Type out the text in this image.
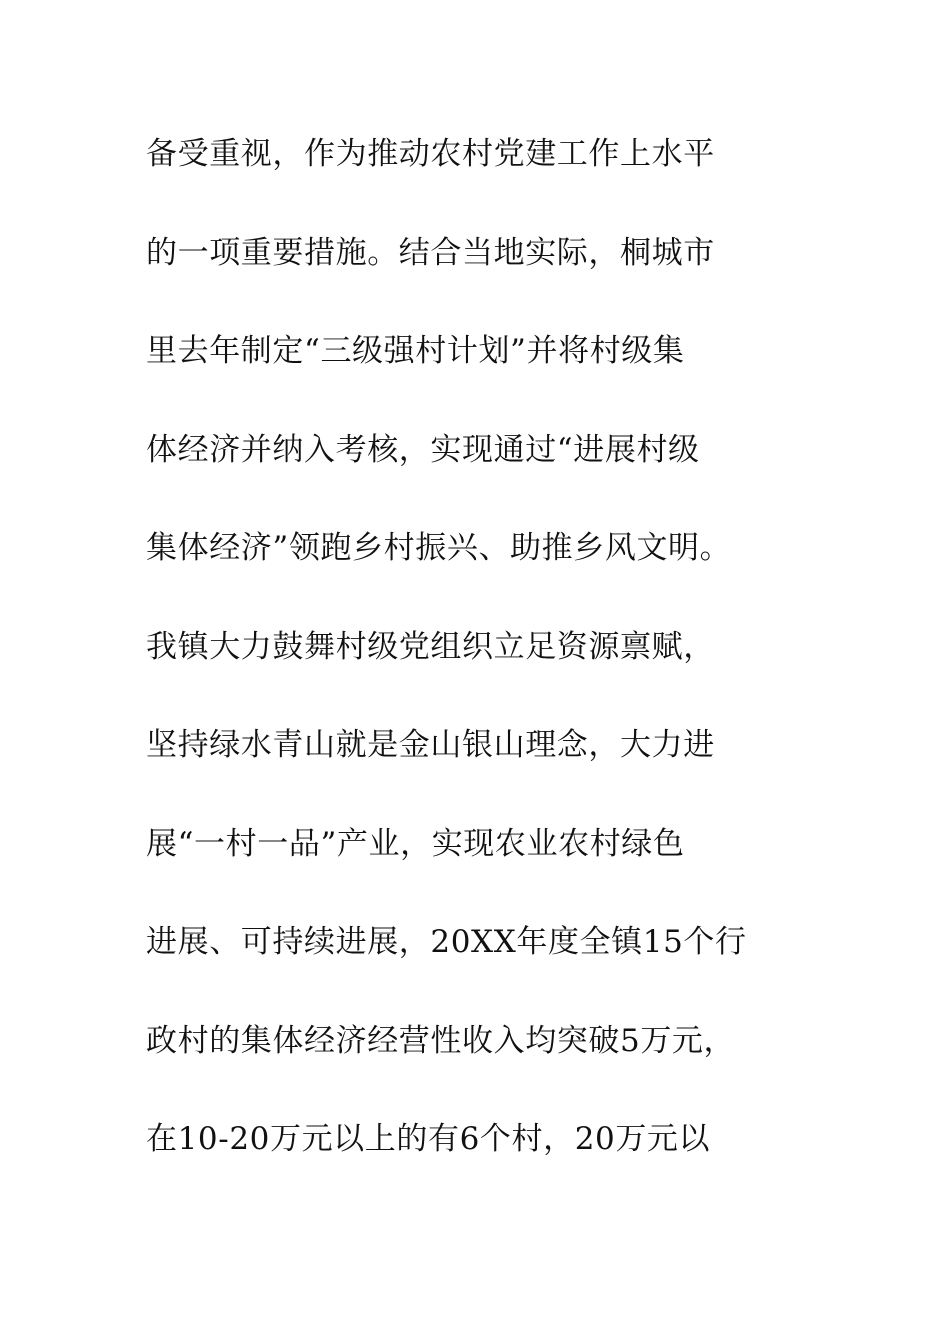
备受重视，作为推动农村党建工作上水平
的一项重要措施。结合当地实际，桐城市
里去年制定“三级强村计划”并将村级集
体经济并纳入考核，实现通过“进展村级
集体经济”领跑乡村振兴、助推乡风文明。
我镇大力鼓舞村级党组织立足资源禀赋，
坚持绿水青山就是金山银山理念，大力进
展“一村一品”产业，实现农业农村绿色
进展、可持续进展，20XX年度全镇15个行
政村的集体经济经营性收入均突破5万元，
在10-20万元以上的有6个村，20万元以
